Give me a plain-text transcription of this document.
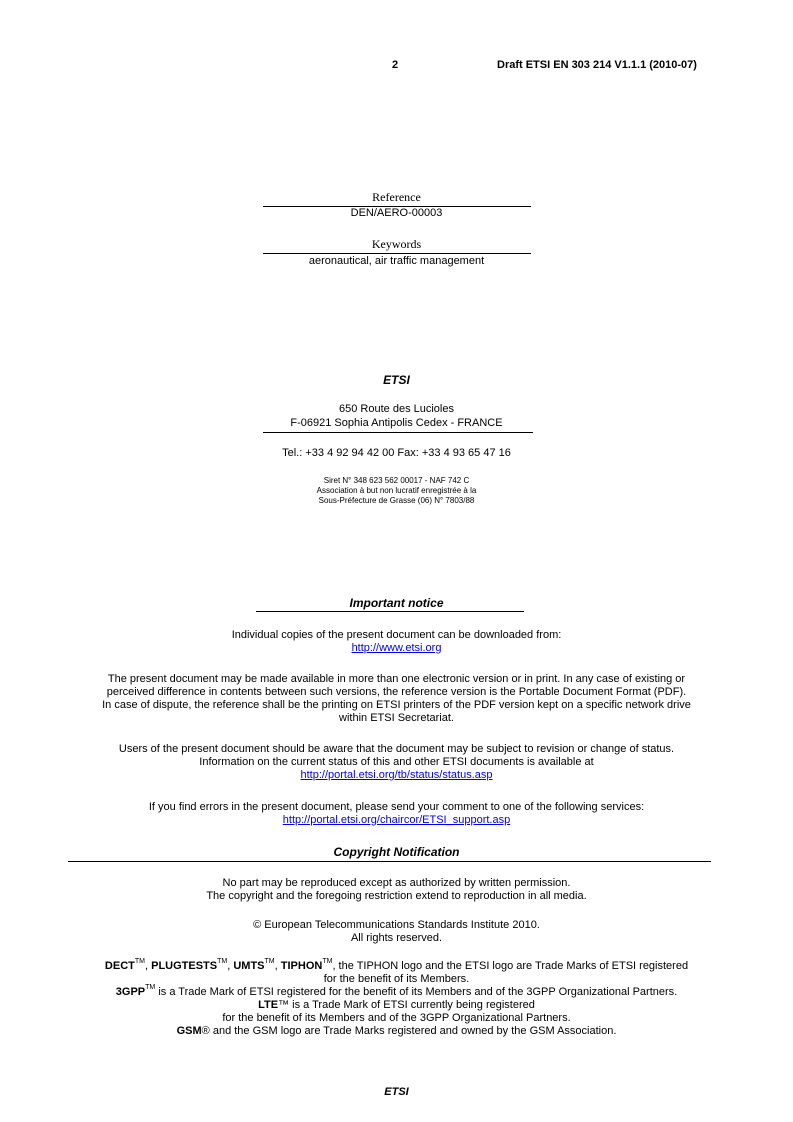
2	Draft ETSI EN 303 214 V1.1.1 (2010-07)
Reference
DEN/AERO-00003
Keywords
aeronautical, air traffic management
ETSI
650 Route des Lucioles
F-06921 Sophia Antipolis Cedex - FRANCE
Tel.: +33 4 92 94 42 00 Fax: +33 4 93 65 47 16
Siret N° 348 623 562 00017 - NAF 742 C
Association à but non lucratif enregistrée à la
Sous-Préfecture de Grasse (06) N° 7803/88
Important notice
Individual copies of the present document can be downloaded from:
http://www.etsi.org
The present document may be made available in more than one electronic version or in print. In any case of existing or
perceived difference in contents between such versions, the reference version is the Portable Document Format (PDF).
In case of dispute, the reference shall be the printing on ETSI printers of the PDF version kept on a specific network drive
within ETSI Secretariat.
Users of the present document should be aware that the document may be subject to revision or change of status.
Information on the current status of this and other ETSI documents is available at
http://portal.etsi.org/tb/status/status.asp
If you find errors in the present document, please send your comment to one of the following services:
http://portal.etsi.org/chaircor/ETSI_support.asp
Copyright Notification
No part may be reproduced except as authorized by written permission.
The copyright and the foregoing restriction extend to reproduction in all media.
© European Telecommunications Standards Institute 2010.
All rights reserved.
DECT™, PLUGTESTS™, UMTS™, TIPHON™, the TIPHON logo and the ETSI logo are Trade Marks of ETSI registered
for the benefit of its Members.
3GPP™ is a Trade Mark of ETSI registered for the benefit of its Members and of the 3GPP Organizational Partners.
LTE™ is a Trade Mark of ETSI currently being registered
for the benefit of its Members and of the 3GPP Organizational Partners.
GSM® and the GSM logo are Trade Marks registered and owned by the GSM Association.
ETSI
